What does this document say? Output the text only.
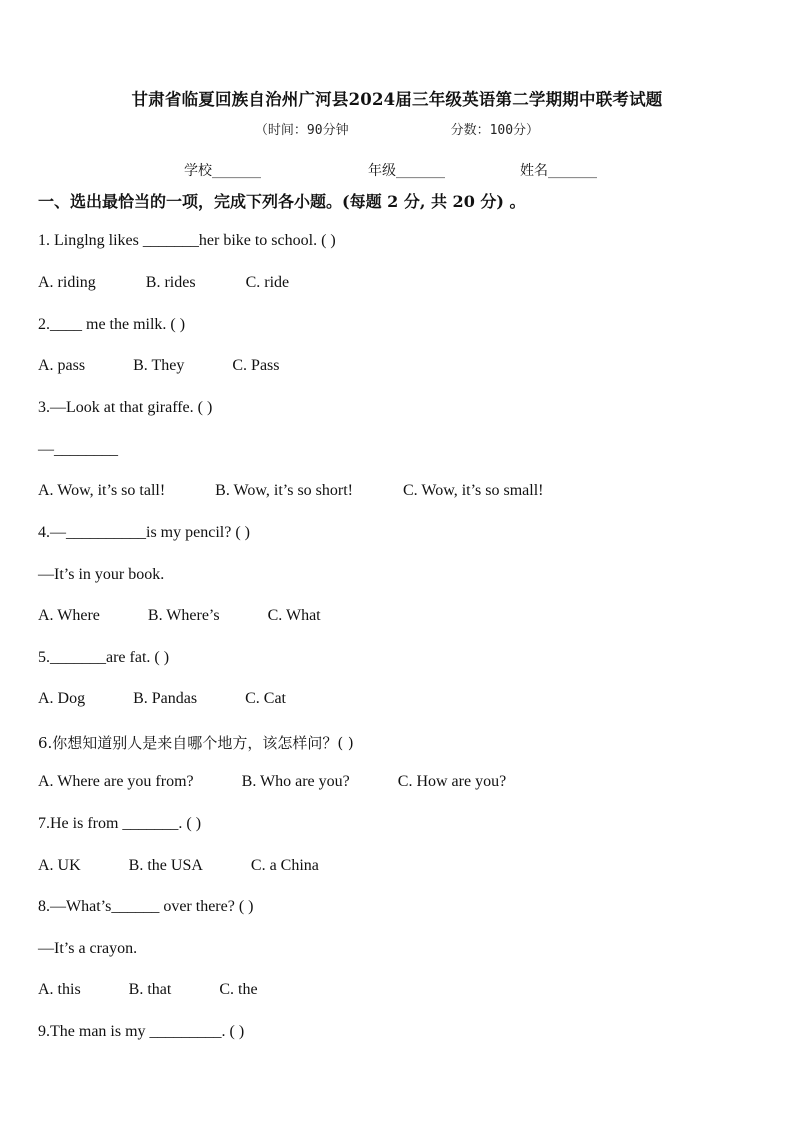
甘肃省临夏回族自治州广河县2024届三年级英语第二学期期中联考试题
（时间：90分钟	分数：100分）
学校_______	年级_______	姓名_______
一、选出最恰当的一项，完成下列各小题。(每题 2 分, 共 20 分) 。
1. Linglng likes _______her bike to school. ( )
A. riding	B. rides	C. ride
2.____ me the milk. ( )
A. pass	B. They	C. Pass
3.—Look at that giraffe. ( )
—________
A. Wow, it’s so tall!	B. Wow, it’s so short!	C. Wow, it’s so small!
4.—__________is my pencil? ( )
—It’s in your book.
A. Where	B. Where’s	C. What
5._______are fat. ( )
A. Dog	B. Pandas	C. Cat
6.你想知道别人是来自哪个地方，该怎样问？( )
A. Where are you from?	B. Who are you?	C. How are you?
7.He is from _______. ( )
A. UK	B. the USA	C. a China
8.—What’s______ over there? ( )
—It’s a crayon.
A. this	B. that	C. the
9.The man is my _________. ( )
